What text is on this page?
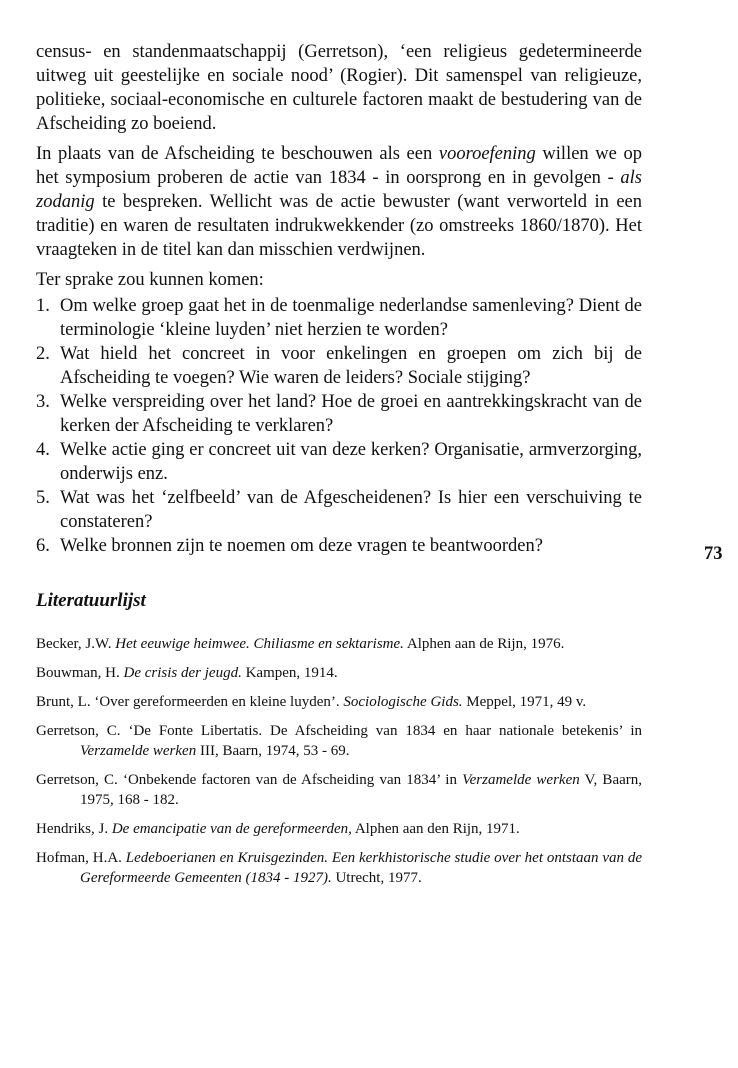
census- en standenmaatschappij (Gerretson), ‘een religieus gedetermineerde uitweg uit geestelijke en sociale nood’ (Rogier). Dit samenspel van religieuze, politieke, sociaal-economische en culturele factoren maakt de bestudering van de Afscheiding zo boeiend.

In plaats van de Afscheiding te beschouwen als een vooroefening willen we op het symposium proberen de actie van 1834 - in oorsprong en in gevolgen - als zodanig te bespreken. Wellicht was de actie bewuster (want verworteld in een traditie) en waren de resultaten indrukwekkender (zo omstreeks 1860/1870). Het vraagteken in de titel kan dan misschien verdwijnen.

Ter sprake zou kunnen komen:

1. Om welke groep gaat het in de toenmalige nederlandse samenleving? Dient de terminologie ‘kleine luyden’ niet herzien te worden?
2. Wat hield het concreet in voor enkelingen en groepen om zich bij de Afscheiding te voegen? Wie waren de leiders? Sociale stijging?
3. Welke verspreiding over het land? Hoe de groei en aantrekkingskracht van de kerken der Afscheiding te verklaren?
4. Welke actie ging er concreet uit van deze kerken? Organisatie, armverzorging, onderwijs enz.
5. Wat was het ‘zelfbeeld’ van de Afgescheidenen? Is hier een verschuiving te constateren?
6. Welke bronnen zijn te noemen om deze vragen te beantwoorden?
Literatuurlijst
Becker, J.W. Het eeuwige heimwee. Chiliasme en sektarisme. Alphen aan de Rijn, 1976.
Bouwman, H. De crisis der jeugd. Kampen, 1914.
Brunt, L. ‘Over gereformeerden en kleine luyden’. Sociologische Gids. Meppel, 1971, 49 v.
Gerretson, C. ‘De Fonte Libertatis. De Afscheiding van 1834 en haar nationale betekenis’ in Verzamelde werken III, Baarn, 1974, 53 - 69.
Gerretson, C. ‘Onbekende factoren van de Afscheiding van 1834’ in Verzamelde werken V, Baarn, 1975, 168 - 182.
Hendriks, J. De emancipatie van de gereformeerden, Alphen aan den Rijn, 1971.
Hofman, H.A. Ledeboerianen en Kruisgezinden. Een kerkhistorische studie over het ontstaan van de Gereformeerde Gemeenten (1834 - 1927). Utrecht, 1977.
73
